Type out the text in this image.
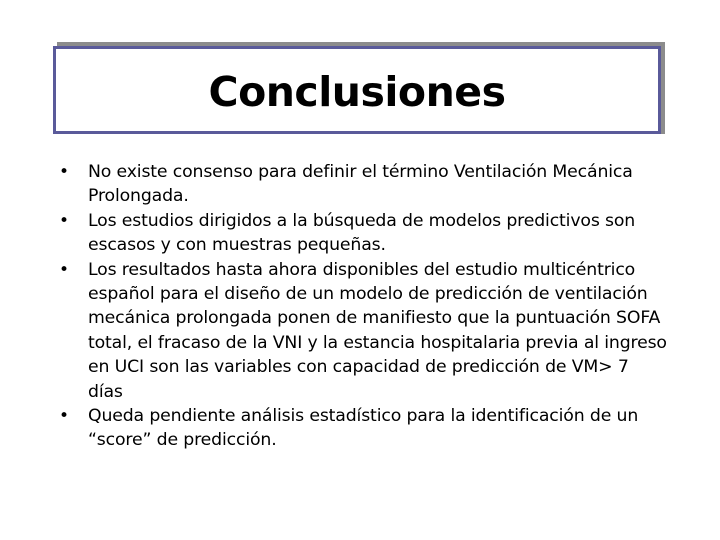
Conclusiones
• No existe consenso para definir el término Ventilación Mecánica Prolongada.
• Los estudios dirigidos a la búsqueda de modelos predictivos son escasos y con muestras pequeñas.
• Los resultados hasta ahora disponibles del estudio multicéntrico español para el diseño de un modelo de predicción de ventilación mecánica prolongada ponen de manifiesto que la puntuación SOFA total, el fracaso de la VNI y la estancia hospitalaria previa al ingreso en UCI son las variables con capacidad de predicción de VM> 7 días
• Queda pendiente análisis estadístico para la identificación de un “score” de predicción.
